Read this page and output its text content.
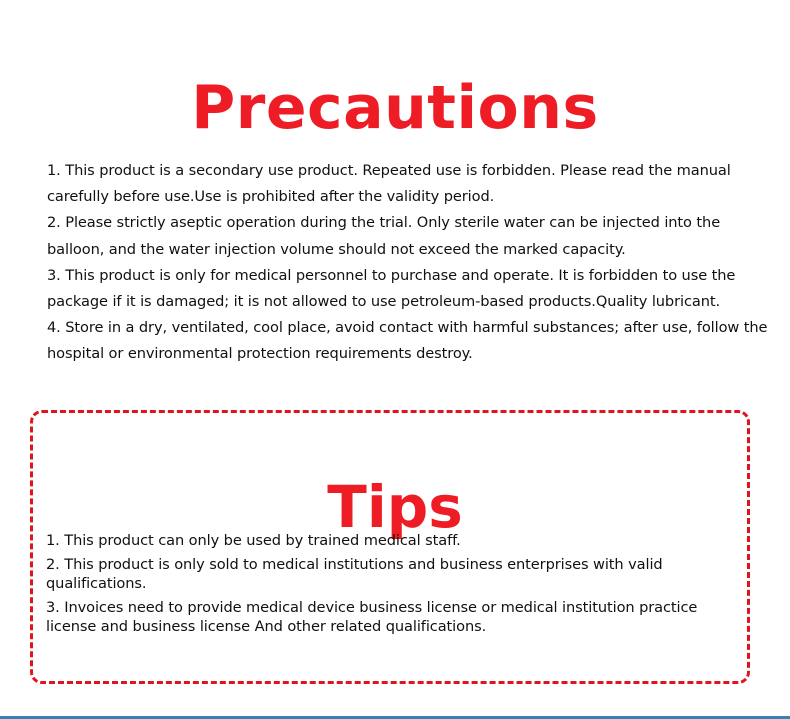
Precautions
1. This product is a secondary use product. Repeated use is forbidden. Please read the manual carefully before use.Use is prohibited after the validity period.
2. Please strictly aseptic operation during the trial. Only sterile water can be injected into the balloon, and the water injection volume should not exceed the marked capacity.
3. This product is only for medical personnel to purchase and operate. It is forbidden to use the package if it is damaged; it is not allowed to use petroleum-based products.Quality lubricant.
4. Store in a dry, ventilated, cool place, avoid contact with harmful substances; after use, follow the hospital or environmental protection requirements destroy.
Tips
1. This product can only be used by trained medical staff.
2. This product is only sold to medical institutions and business enterprises with valid qualifications.
3. Invoices need to provide medical device business license or medical institution practice license and business license And other related qualifications.
